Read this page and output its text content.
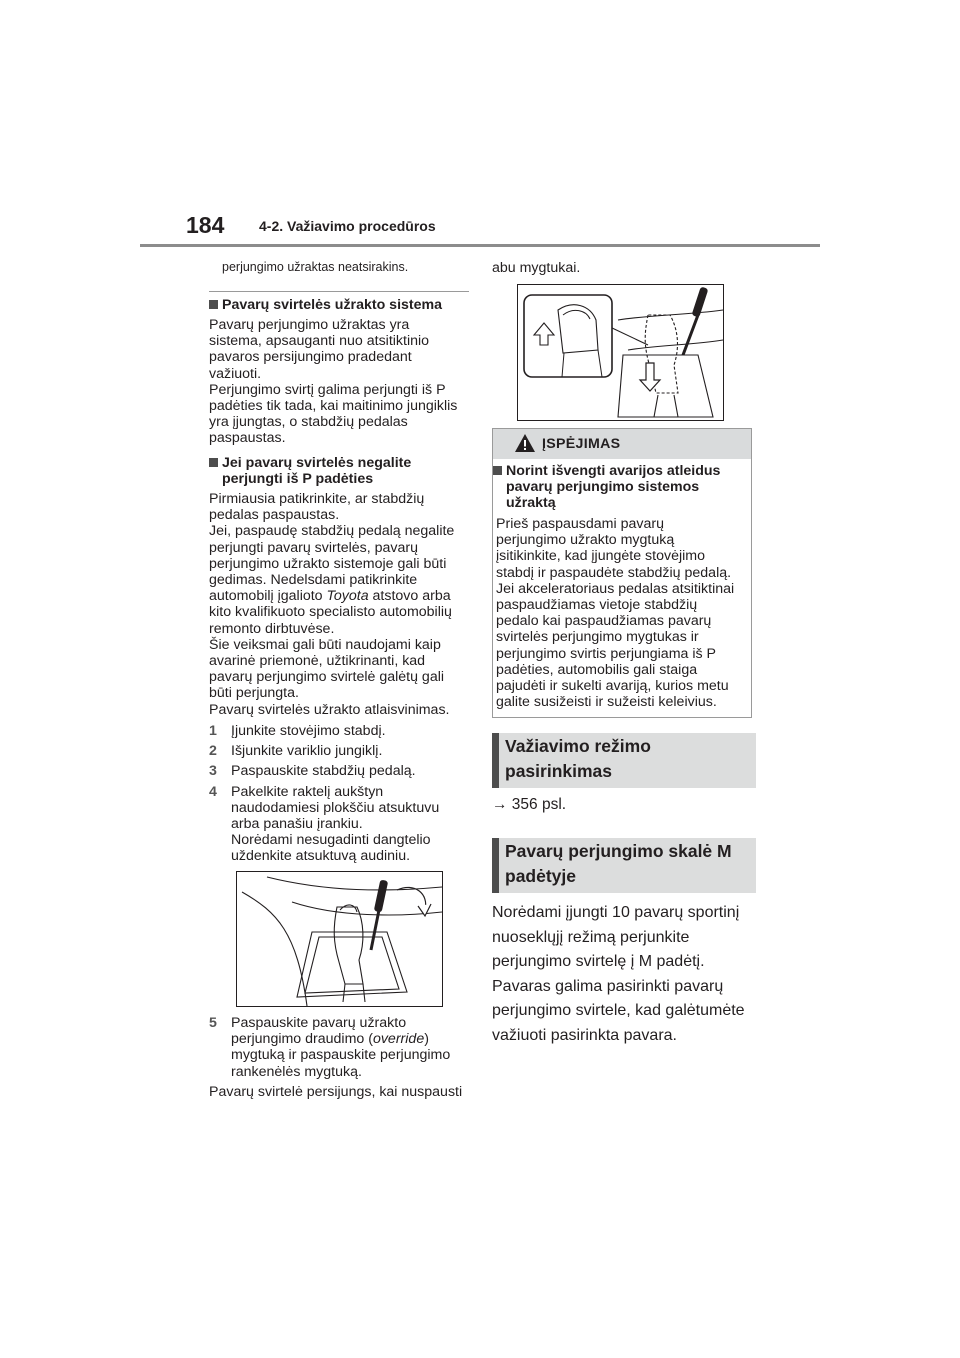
184 4-2. Važiavimo procedūros
perjungimo užraktas neatsirakins.
Pavarų svirtelės užrakto sistema
Pavarų perjungimo užraktas yra
sistema, apsauganti nuo atsitiktinio
pavaros persijungimo pradedant
važiuoti.
Perjungimo svirtį galima perjungti iš P
padėties tik tada, kai maitinimo jungiklis
yra įjungtas, o stabdžių pedalas
paspaustas.
Jei pavarų svirtelės negalite
perjungti iš P padėties
Pirmiausia patikrinkite, ar stabdžių
pedalas paspaustas.
Jei, paspaudę stabdžių pedalą negalite
perjungti pavarų svirtelės, pavarų
perjungimo užrakto sistemoje gali būti
gedimas. Nedelsdami patikrinkite
automobilį įgalioto Toyota atstovo arba
kito kvalifikuoto specialisto automobilių
remonto dirbtuvėse.
Šie veiksmai gali būti naudojami kaip
avarinė priemonė, užtikrinanti, kad
pavarų perjungimo svirtelė galėtų gali
būti perjungta.
Pavarų svirtelės užrakto atlaisvinimas.
1 Įjunkite stovėjimo stabdį.
2 Išjunkite variklio jungiklį.
3 Paspauskite stabdžių pedalą.
4 Pakelkite raktelį aukštyn
naudodamiesi plokščiu atsuktuvu
arba panašiu įrankiu.
Norėdami nesugadinti dangtelio
uždenkite atsuktuvą audiniu.
5 Paspauskite pavarų užrakto
perjungimo draudimo (override)
mygtuką ir paspauskite perjungimo
rankenėlės mygtuką.
Pavarų svirtelė persijungs, kai nuspausti
abu mygtukai.
ĮSPĖJIMAS
Norint išvengti avarijos atleidus
pavarų perjungimo sistemos
užraktą
Prieš paspausdami pavarų
perjungimo užrakto mygtuką
įsitikinkite, kad įjungėte stovėjimo
stabdį ir paspaudėte stabdžių pedalą.
Jei akceleratoriaus pedalas atsitiktinai
paspaudžiamas vietoje stabdžių
pedalo kai paspaudžiamas pavarų
svirtelės perjungimo mygtukas ir
perjungimo svirtis perjungiama iš P
padėties, automobilis gali staiga
pajudėti ir sukelti avariją, kurios metu
galite susižeisti ir sužeisti keleivius.
Važiavimo režimo
pasirinkimas
→ 356 psl.
Pavarų perjungimo skalė M
padėtyje
Norėdami įjungti 10 pavarų sportinį
nuoseklųjį režimą perjunkite
perjungimo svirtelę į M padėtį.
Pavaras galima pasirinkti pavarų
perjungimo svirtele, kad galėtumėte
važiuoti pasirinkta pavara.
